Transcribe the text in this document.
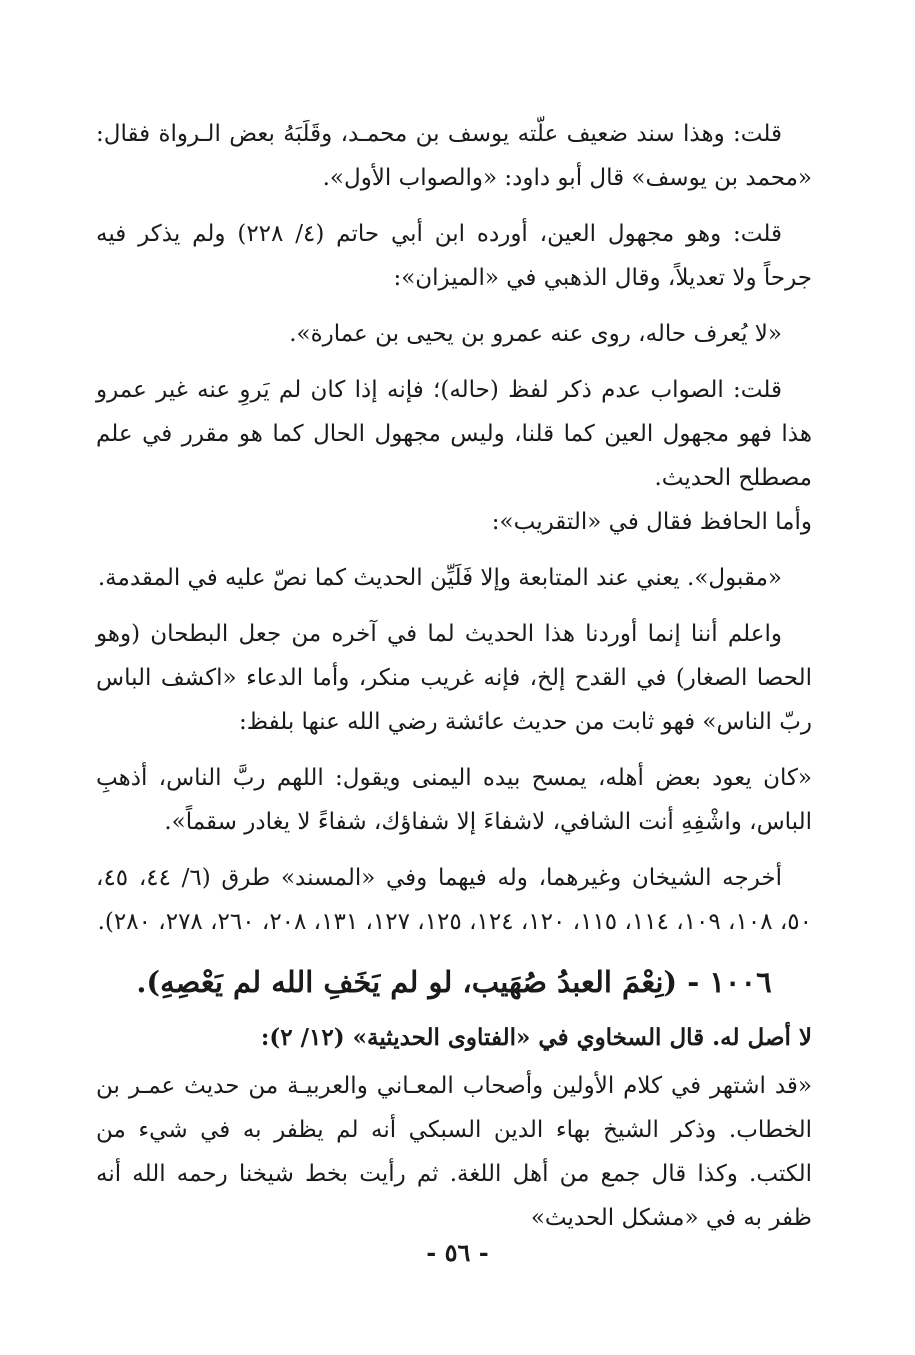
قلت: وهذا سند ضعيف علّته يوسف بن محمـد، وقَلَبَهُ بعض الـرواة فقال: «محمد بن يوسف» قال أبو داود: «والصواب الأول».

قلت: وهو مجهول العين، أورده ابن أبي حاتم (٤/ ٢٢٨) ولم يذكر فيه جرحاً ولا تعديلاً، وقال الذهبي في «الميزان»:

«لا يُعرف حاله، روى عنه عمرو بن يحيى بن عمارة».

قلت: الصواب عدم ذكر لفظ (حاله)؛ فإنه إذا كان لم يَروِ عنه غير عمرو هذا فهو مجهول العين كما قلنا، وليس مجهول الحال كما هو مقرر في علم مصطلح الحديث.

وأما الحافظ فقال في «التقريب»:

«مقبول». يعني عند المتابعة وإلا فَلَيِّن الحديث كما نصّ عليه في المقدمة.

واعلم أننا إنما أوردنا هذا الحديث لما في آخره من جعل البطحان (وهو الحصا الصغار) في القدح إلخ، فإنه غريب منكر، وأما الدعاء «اكشف الباس ربّ الناس» فهو ثابت من حديث عائشة رضي الله عنها بلفظ:

«كان يعود بعض أهله، يمسح بيده اليمنى ويقول: اللهم ربَّ الناس، أذهبِ الباس، واشْفِهِ أنت الشافي، لاشفاءَ إلا شفاؤك، شفاءً لا يغادر سقماً».

أخرجه الشيخان وغيرهما، وله فيهما وفي «المسند» طرق (٦/ ٤٤، ٤٥، ٥٠، ١٠٨، ١٠٩، ١١٤، ١١٥، ١٢٠، ١٢٤، ١٢٥، ١٢٧، ١٣١، ٢٠٨، ٢٦٠، ٢٧٨، ٢٨٠).

١٠٠٦ - (نِعْمَ العبدُ صُهَيب، لو لم يَخَفِ الله لم يَعْصِهِ).

لا أصل له. قال السخاوي في «الفتاوى الحديثية» (١٢/ ٢):

«قد اشتهر في كلام الأولين وأصحاب المعـاني والعربيـة من حديث عمـر بن الخطاب. وذكر الشيخ بهاء الدين السبكي أنه لم يظفر به في شيء من الكتب. وكذا قال جمع من أهل اللغة. ثم رأيت بخط شيخنا رحمه الله أنه ظفر به في «مشكل الحديث»

- ٥٦ -
